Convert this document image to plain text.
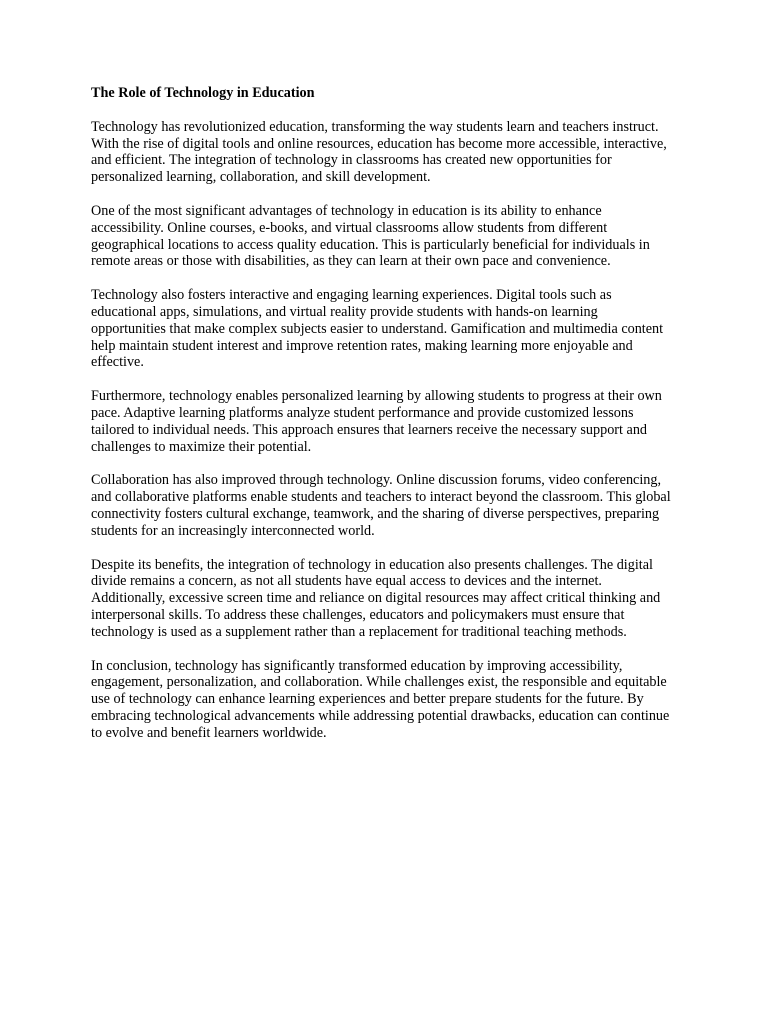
The Role of Technology in Education

Technology has revolutionized education, transforming the way students learn and teachers instruct. With the rise of digital tools and online resources, education has become more accessible, interactive, and efficient. The integration of technology in classrooms has created new opportunities for personalized learning, collaboration, and skill development.

One of the most significant advantages of technology in education is its ability to enhance accessibility. Online courses, e-books, and virtual classrooms allow students from different geographical locations to access quality education. This is particularly beneficial for individuals in remote areas or those with disabilities, as they can learn at their own pace and convenience.

Technology also fosters interactive and engaging learning experiences. Digital tools such as educational apps, simulations, and virtual reality provide students with hands-on learning opportunities that make complex subjects easier to understand. Gamification and multimedia content help maintain student interest and improve retention rates, making learning more enjoyable and effective.

Furthermore, technology enables personalized learning by allowing students to progress at their own pace. Adaptive learning platforms analyze student performance and provide customized lessons tailored to individual needs. This approach ensures that learners receive the necessary support and challenges to maximize their potential.

Collaboration has also improved through technology. Online discussion forums, video conferencing, and collaborative platforms enable students and teachers to interact beyond the classroom. This global connectivity fosters cultural exchange, teamwork, and the sharing of diverse perspectives, preparing students for an increasingly interconnected world.

Despite its benefits, the integration of technology in education also presents challenges. The digital divide remains a concern, as not all students have equal access to devices and the internet. Additionally, excessive screen time and reliance on digital resources may affect critical thinking and interpersonal skills. To address these challenges, educators and policymakers must ensure that technology is used as a supplement rather than a replacement for traditional teaching methods.

In conclusion, technology has significantly transformed education by improving accessibility, engagement, personalization, and collaboration. While challenges exist, the responsible and equitable use of technology can enhance learning experiences and better prepare students for the future. By embracing technological advancements while addressing potential drawbacks, education can continue to evolve and benefit learners worldwide.
